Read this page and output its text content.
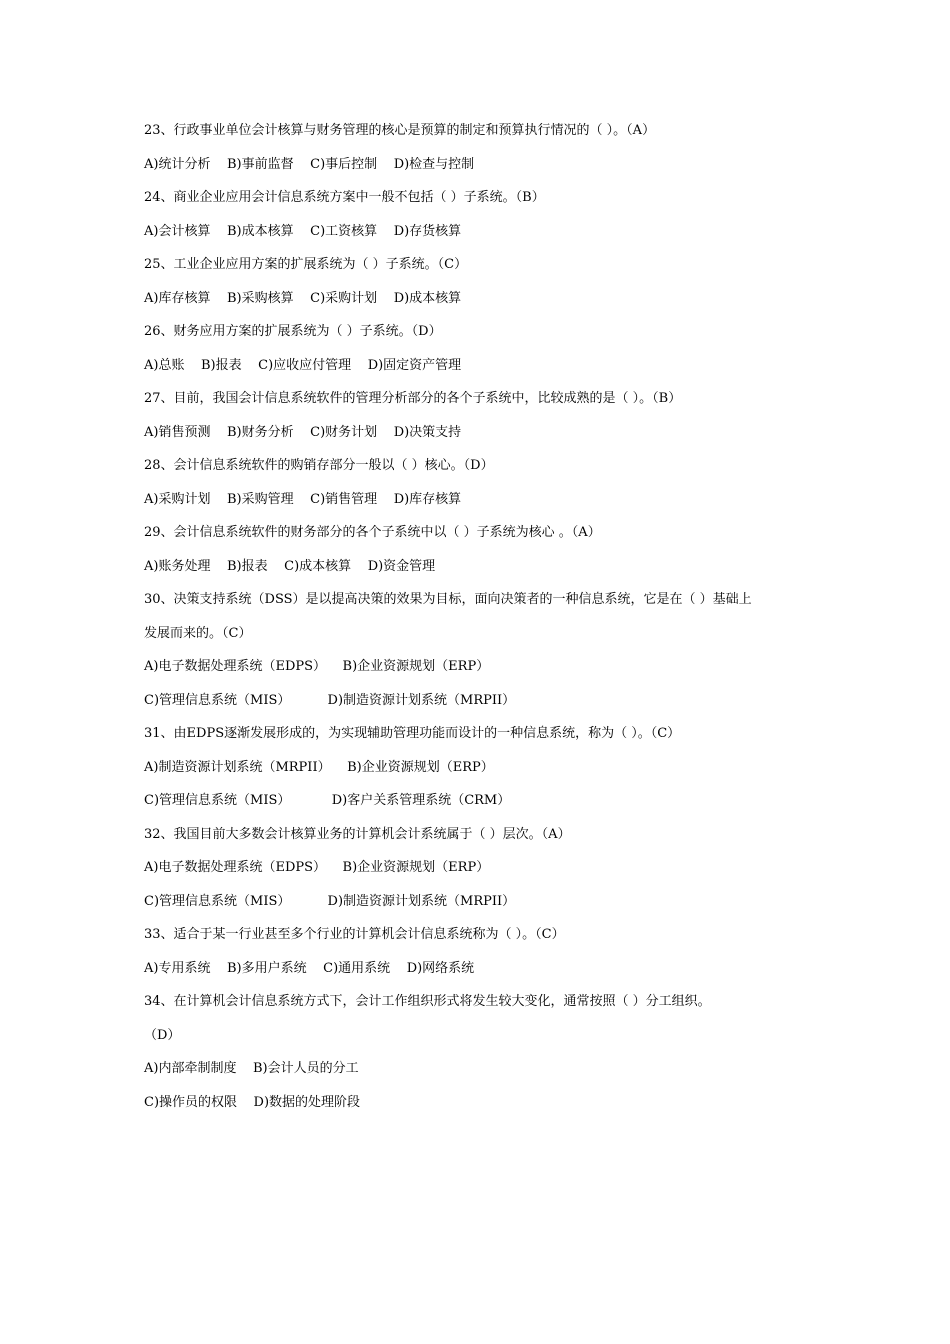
23、行政事业单位会计核算与财务管理的核心是预算的制定和预算执行情况的（ ）。（A）
A)统计分析    B)事前监督    C)事后控制    D)检查与控制
24、商业企业应用会计信息系统方案中一般不包括（ ）子系统。（B）
A)会计核算    B)成本核算    C)工资核算    D)存货核算
25、工业企业应用方案的扩展系统为（ ）子系统。（C）
A)库存核算    B)采购核算    C)采购计划    D)成本核算
26、财务应用方案的扩展系统为（ ）子系统。（D）
A)总账    B)报表    C)应收应付管理    D)固定资产管理
27、目前，我国会计信息系统软件的管理分析部分的各个子系统中，比较成熟的是（ ）。（B）
A)销售预测    B)财务分析    C)财务计划    D)决策支持
28、会计信息系统软件的购销存部分一般以（ ）核心。（D）
A)采购计划    B)采购管理    C)销售管理    D)库存核算
29、会计信息系统软件的财务部分的各个子系统中以（ ）子系统为核心 。（A）
A)账务处理    B)报表    C)成本核算    D)资金管理
30、决策支持系统（DSS）是以提高决策的效果为目标，面向决策者的一种信息系统，它是在（ ）基础上
发展而来的。（C）
A)电子数据处理系统（EDPS）    B)企业资源规划（ERP）
C)管理信息系统（MIS）         D)制造资源计划系统（MRPII）
31、由EDPS逐渐发展形成的，为实现辅助管理功能而设计的一种信息系统，称为（ ）。（C）
A)制造资源计划系统（MRPII）    B)企业资源规划（ERP）
C)管理信息系统（MIS）          D)客户关系管理系统（CRM）
32、我国目前大多数会计核算业务的计算机会计系统属于（ ）层次。（A）
A)电子数据处理系统（EDPS）    B)企业资源规划（ERP）
C)管理信息系统（MIS）         D)制造资源计划系统（MRPII）
33、适合于某一行业甚至多个行业的计算机会计信息系统称为（ ）。（C）
A)专用系统    B)多用户系统    C)通用系统    D)网络系统
34、在计算机会计信息系统方式下，会计工作组织形式将发生较大变化，通常按照（ ）分工组织。
（D）
A)内部牵制制度    B)会计人员的分工
C)操作员的权限    D)数据的处理阶段
